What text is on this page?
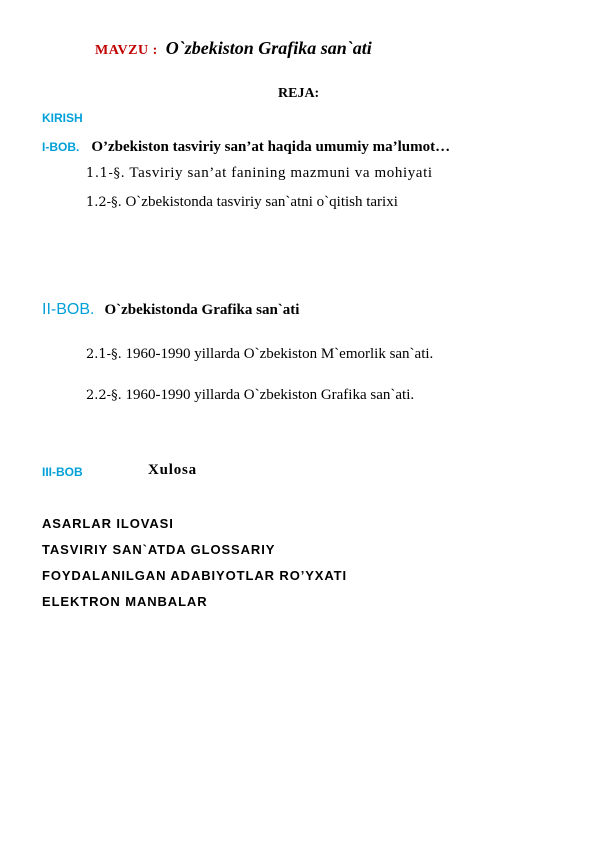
MAVZU : O`zbekiston Grafika san`ati
REJA:
KIRISH
I-BOB. O’zbekiston tasviriy san’at haqida umumiy ma’lumot…
1.1-§. Tasviriy san’at fanining mazmuni va mohiyati
1.2-§. O`zbekistonda tasviriy san`atni o`qitish tarixi
II-BOB. O`zbekistonda Grafika san`ati
2.1-§. 1960-1990 yillarda O`zbekiston M`emorlik san`ati.
2.2-§. 1960-1990 yillarda O`zbekiston Grafika san`ati.
III-BOB	Xulosa
ASARLAR ILOVASI
TASVIRIY SAN`ATDA GLOSSARIY
FOYDALANILGAN ADABIYOTLAR RO’YXATI
ELEKTRON MANBALAR
